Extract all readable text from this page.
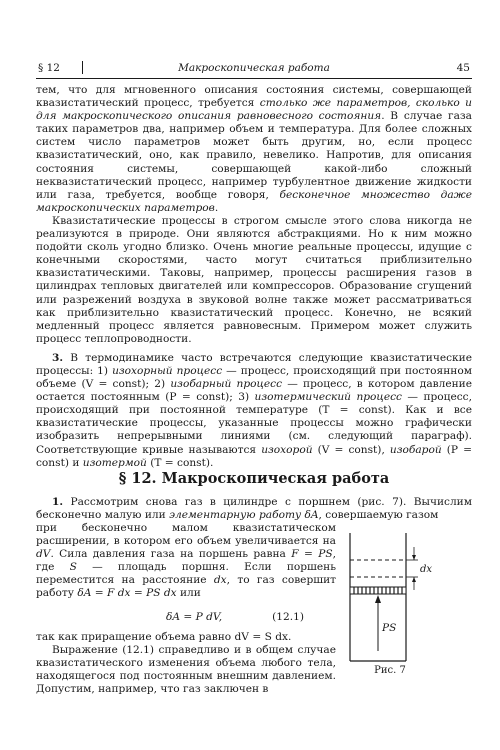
§ 12	Макроскопическая работа	45

тем, что для мгновенного описания состояния системы, совершающей квазистатический процесс, требуется столько же параметров, сколько и для макроскопического описания равновесного состояния. В случае газа таких параметров два, например объем и температура. Для более сложных систем число параметров может быть другим, но, если процесс квазистатический, оно, как правило, невелико. Напротив, для описания состояния системы, совершающей какой-либо сложный неквазистатический процесс, например турбулентное движение жидкости или газа, требуется, вообще говоря, бесконечное множество даже макроскопических параметров.

Квазистатические процессы в строгом смысле этого слова никогда не реализуются в природе. Они являются абстракциями. Но к ним можно подойти сколь угодно близко. Очень многие реальные процессы, идущие с конечными скоростями, часто могут считаться приблизительно квазистатическими. Таковы, например, процессы расширения газов в цилиндрах тепловых двигателей или компрессоров. Образование сгущений или разрежений воздуха в звуковой волне также может рассматриваться как приблизительно квазистатический процесс. Конечно, не всякий медленный процесс является равновесным. Примером может служить процесс теплопроводности.

3. В термодинамике часто встречаются следующие квазистатические процессы: 1) изохорный процесс — процесс, происходящий при постоянном объеме (V = const); 2) изобарный процесс — процесс, в котором давление остается постоянным (P = const); 3) изотермический процесс — процесс, происходящий при постоянной температуре (T = const). Как и все квазистатические процессы, указанные процессы можно графически изобразить непрерывными линиями (см. следующий параграф). Соответствующие кривые называются изохорой (V = const), изобарой (P = const) и изотермой (T = const).

§ 12. Макроскопическая работа

1. Рассмотрим снова газ в цилиндре с поршнем (рис. 7). Вычислим бесконечно малую или элементарную работу δA, совершаемую газом

при бесконечно малом квазистатическом расширении, в котором его объем увеличивается на dV. Сила давления газа на поршень равна F = PS, где S — площадь поршня. Если поршень переместится на расстояние dx, то газ совершит работу δA = F dx = PS dx или

δA = P dV,	(12.1)

так как приращение объема равно dV = S dx.

Выражение (12.1) справедливо и в общем случае квазистатического изменения объема любого тела, находящегося под постоянным внешним давлением. Допустим, например, что газ заключен в

dx
PS
Рис. 7
